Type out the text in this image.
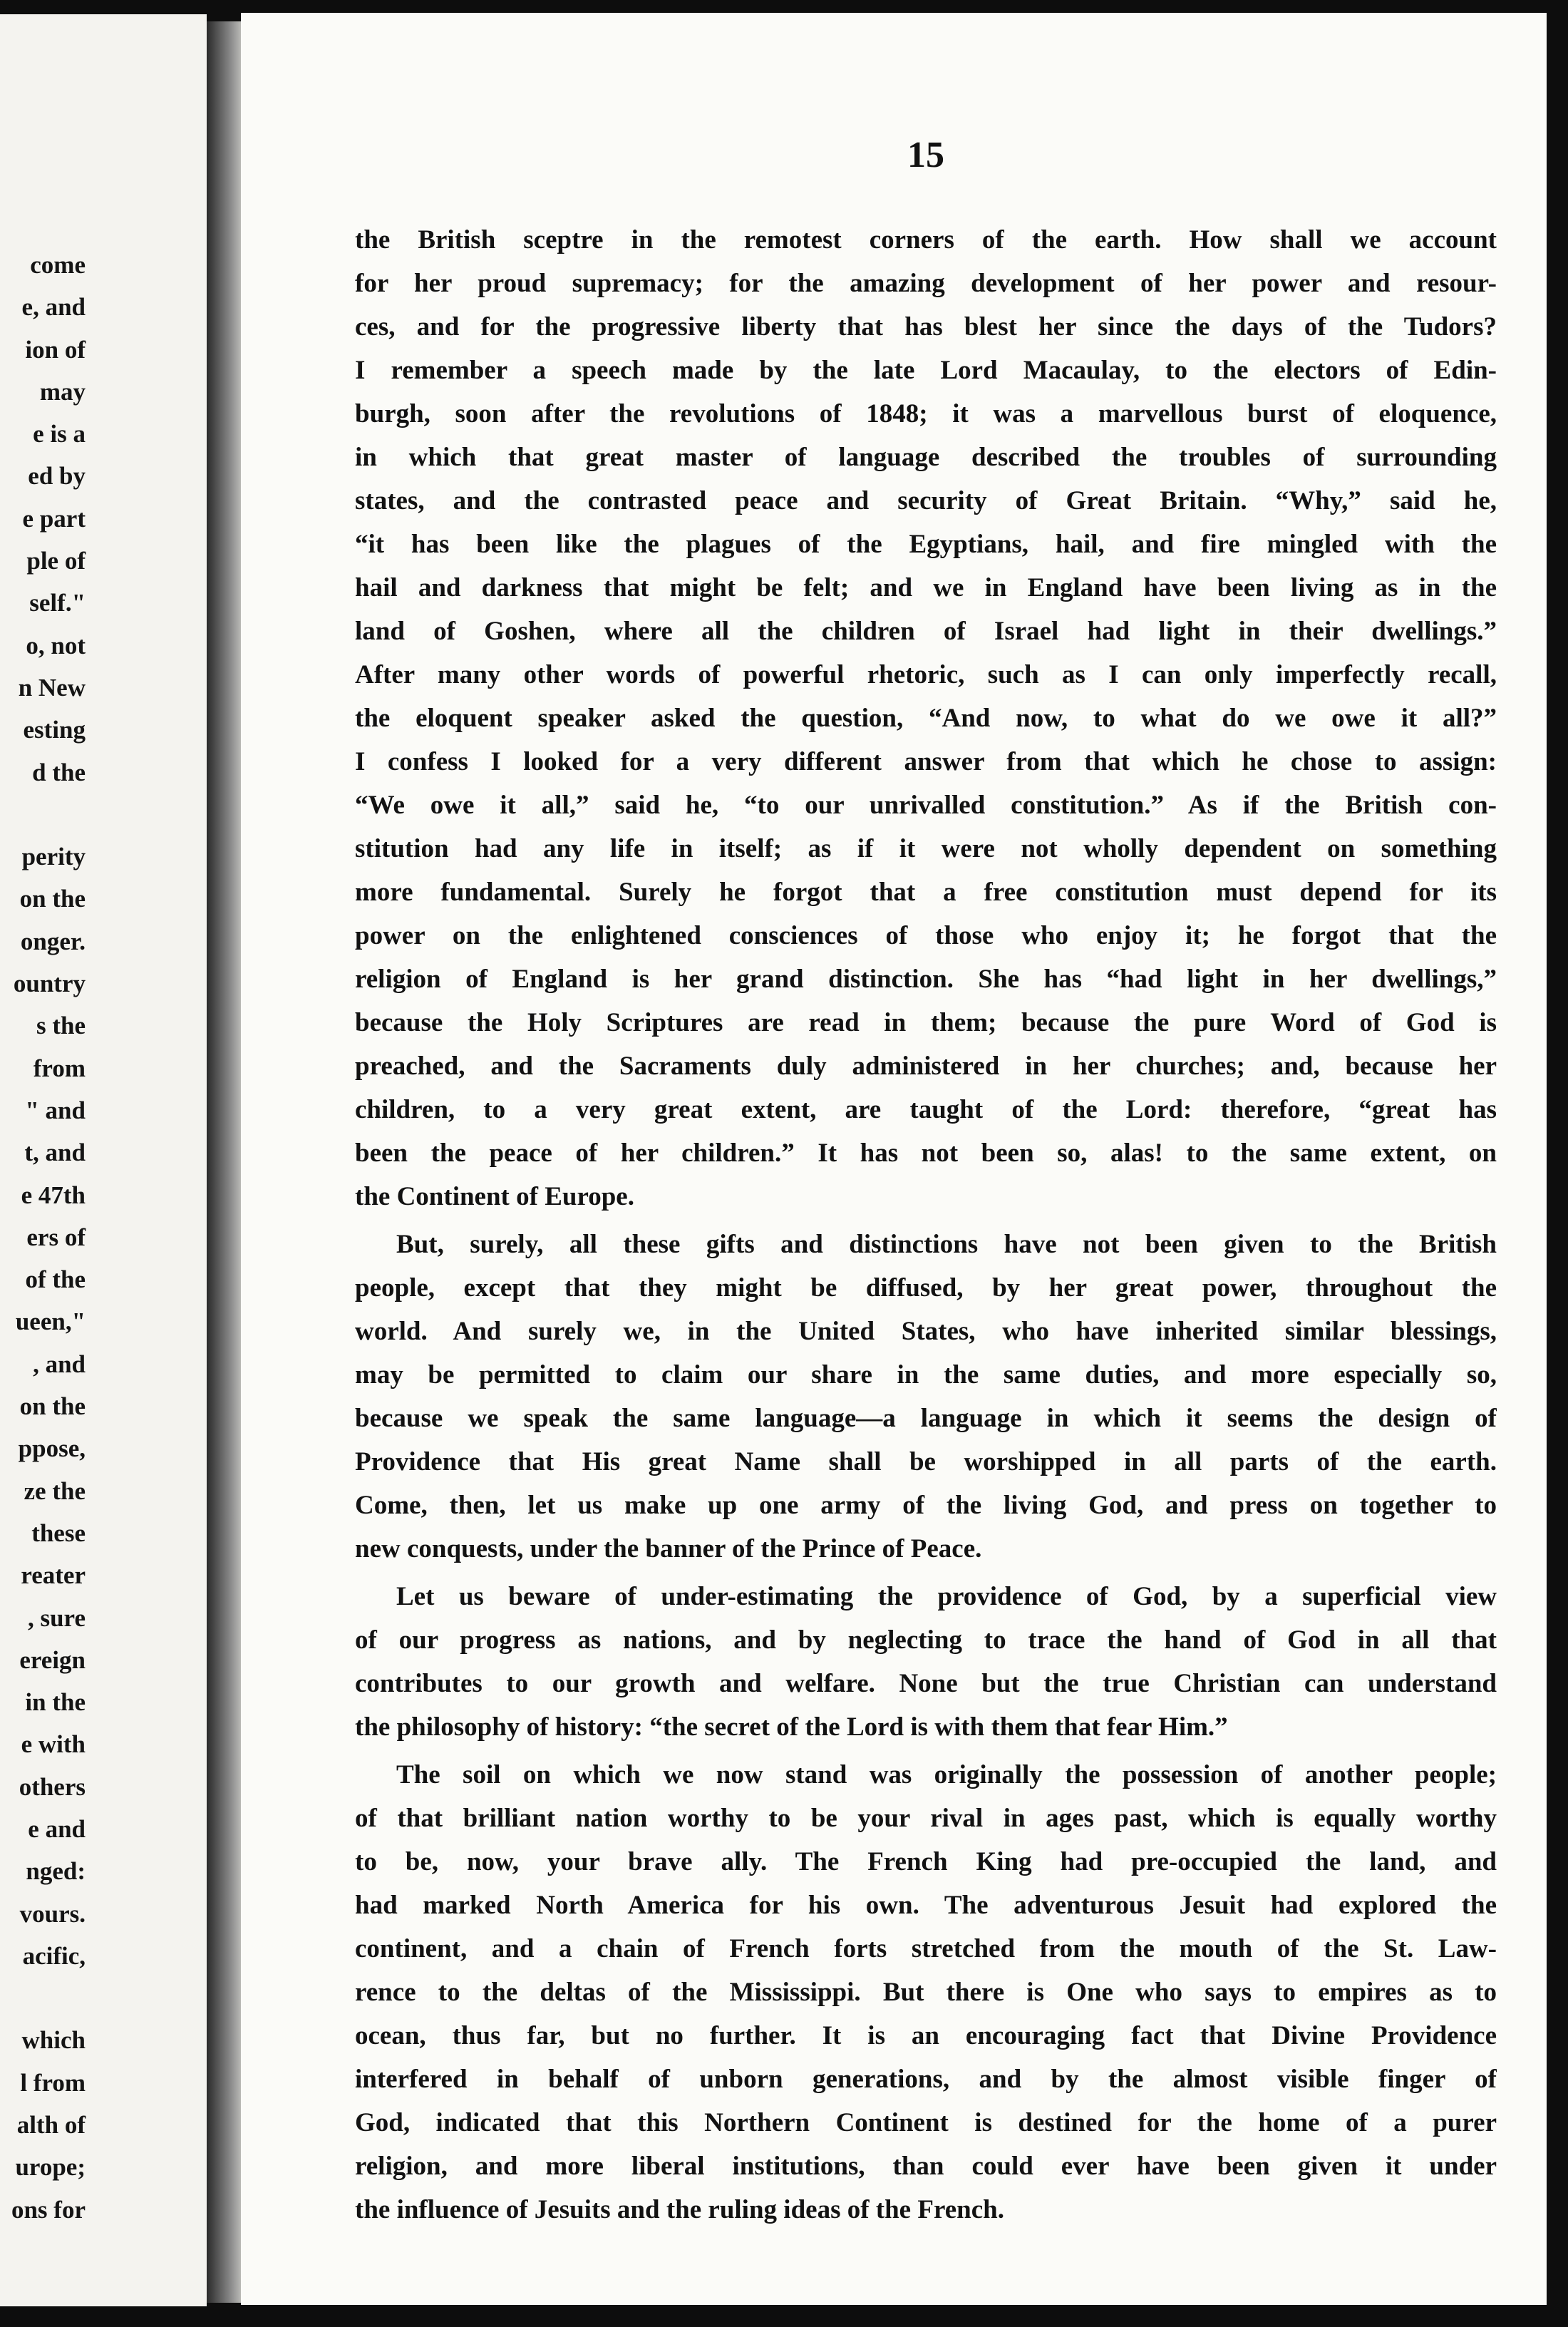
come
e, and
ion of
may
e is a
ed by
e part
ple of
self."
o, not
n New
esting
d the
perity
on the
onger.
ountry
s the
from
" and
t, and
e 47th
ers of
of the
ueen,"
, and
on the
ppose,
ze the
these
reater
, sure
ereign
in the
e with
others
e and
nged:
vours.
acific,
which
l from
alth of
urope;
ons for

15

the British sceptre in the remotest corners of the earth. How shall we account
for her proud supremacy; for the amazing development of her power and resour-
ces, and for the progressive liberty that has blest her since the days of the Tudors?
I remember a speech made by the late Lord Macaulay, to the electors of Edin-
burgh, soon after the revolutions of 1848; it was a marvellous burst of eloquence,
in which that great master of language described the troubles of surrounding
states, and the contrasted peace and security of Great Britain. “Why,” said he,
“it has been like the plagues of the Egyptians, hail, and fire mingled with the
hail and darkness that might be felt; and we in England have been living as in the
land of Goshen, where all the children of Israel had light in their dwellings.”
After many other words of powerful rhetoric, such as I can only imperfectly recall,
the eloquent speaker asked the question, “And now, to what do we owe it all?”
I confess I looked for a very different answer from that which he chose to assign:
“We owe it all,” said he, “to our unrivalled constitution.” As if the British con-
stitution had any life in itself; as if it were not wholly dependent on something
more fundamental. Surely he forgot that a free constitution must depend for its
power on the enlightened consciences of those who enjoy it; he forgot that the
religion of England is her grand distinction. She has “had light in her dwellings,”
because the Holy Scriptures are read in them; because the pure Word of God is
preached, and the Sacraments duly administered in her churches; and, because her
children, to a very great extent, are taught of the Lord: therefore, “great has
been the peace of her children.” It has not been so, alas! to the same extent, on
the Continent of Europe.
But, surely, all these gifts and distinctions have not been given to the British
people, except that they might be diffused, by her great power, throughout the
world. And surely we, in the United States, who have inherited similar blessings,
may be permitted to claim our share in the same duties, and more especially so,
because we speak the same language—a language in which it seems the design of
Providence that His great Name shall be worshipped in all parts of the earth.
Come, then, let us make up one army of the living God, and press on together to
new conquests, under the banner of the Prince of Peace.
Let us beware of under-estimating the providence of God, by a superficial view
of our progress as nations, and by neglecting to trace the hand of God in all that
contributes to our growth and welfare. None but the true Christian can understand
the philosophy of history: “the secret of the Lord is with them that fear Him.”
The soil on which we now stand was originally the possession of another people;
of that brilliant nation worthy to be your rival in ages past, which is equally worthy
to be, now, your brave ally. The French King had pre-occupied the land, and
had marked North America for his own. The adventurous Jesuit had explored the
continent, and a chain of French forts stretched from the mouth of the St. Law-
rence to the deltas of the Mississippi. But there is One who says to empires as to
ocean, thus far, but no further. It is an encouraging fact that Divine Providence
interfered in behalf of unborn generations, and by the almost visible finger of
God, indicated that this Northern Continent is destined for the home of a purer
religion, and more liberal institutions, than could ever have been given it under
the influence of Jesuits and the ruling ideas of the French.
